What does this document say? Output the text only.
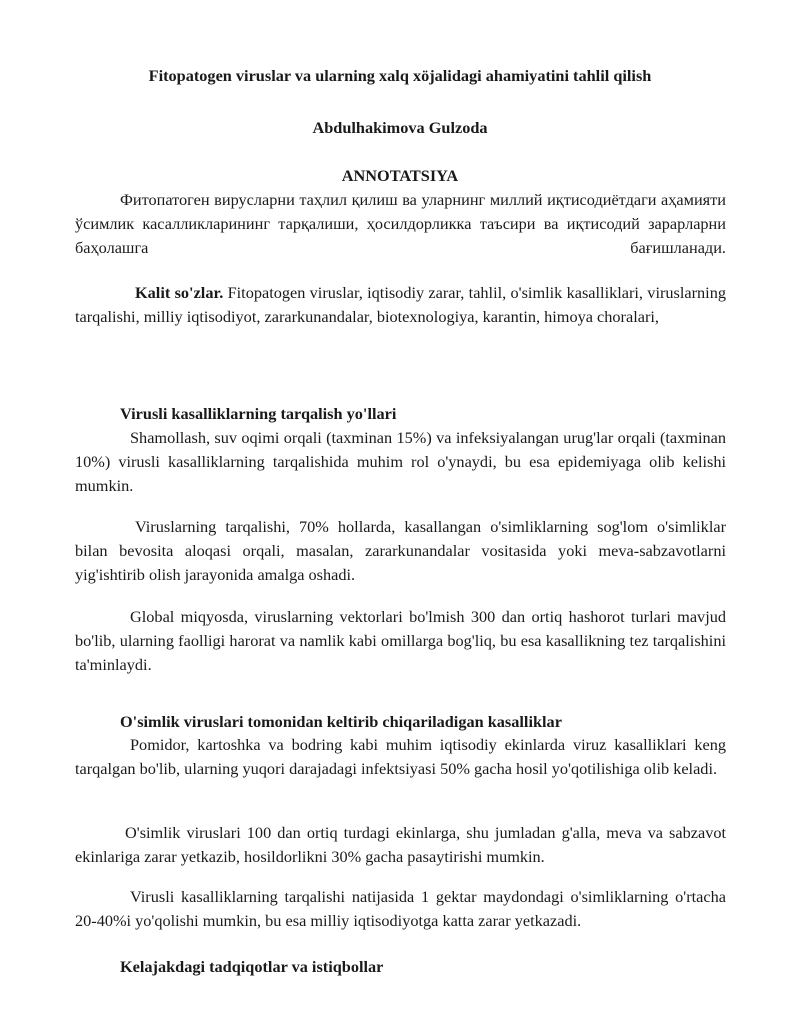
Fitopatogen viruslar va ularning xalq xöjalidagi ahamiyatini tahlil qilish

Abdulhakimova Gulzoda

ANNOTATSIYA

Фитопатоген вирусларни таҳлил қилиш ва уларнинг миллий иқтисодиётдаги аҳамияти ўсимлик касалликларининг тарқалиши, ҳосилдорликка таъсири ва иқтисодий зарарларни баҳолашга бағишланади.

Kalit so'zlar. Fitopatogen viruslar, iqtisodiy zarar, tahlil, o'simlik kasalliklari, viruslarning tarqalishi, milliy iqtisodiyot, zararkunandalar, biotexnologiya, karantin, himoya choralari,

Virusli kasalliklarning tarqalish yo'llari

Shamollash, suv oqimi orqali (taxminan 15%) va infeksiyalangan urug'lar orqali (taxminan 10%) virusli kasalliklarning tarqalishida muhim rol o'ynaydi, bu esa epidemiyaga olib kelishi mumkin.

Viruslarning tarqalishi, 70% hollarda, kasallangan o'simliklarning sog'lom o'simliklar bilan bevosita aloqasi orqali, masalan, zararkunandalar vositasida yoki meva-sabzavotlarni yig'ishtirib olish jarayonida amalga oshadi.

Global miqyosda, viruslarning vektorlari bo'lmish 300 dan ortiq hashorot turlari mavjud bo'lib, ularning faolligi harorat va namlik kabi omillarga bog'liq, bu esa kasallikning tez tarqalishini ta'minlaydi.

O'simlik viruslari tomonidan keltirib chiqariladigan kasalliklar

Pomidor, kartoshka va bodring kabi muhim iqtisodiy ekinlarda viruz kasalliklari keng tarqalgan bo'lib, ularning yuqori darajadagi infektsiyasi 50% gacha hosil yo'qotilishiga olib keladi.

O'simlik viruslari 100 dan ortiq turdagi ekinlarga, shu jumladan g'alla, meva va sabzavot ekinlariga zarar yetkazib, hosildorlikni 30% gacha pasaytirishi mumkin.

Virusli kasalliklarning tarqalishi natijasida 1 gektar maydondagi o'simliklarning o'rtacha 20-40%i yo'qolishi mumkin, bu esa milliy iqtisodiyotga katta zarar yetkazadi.

Kelajakdagi tadqiqotlar va istiqbollar
